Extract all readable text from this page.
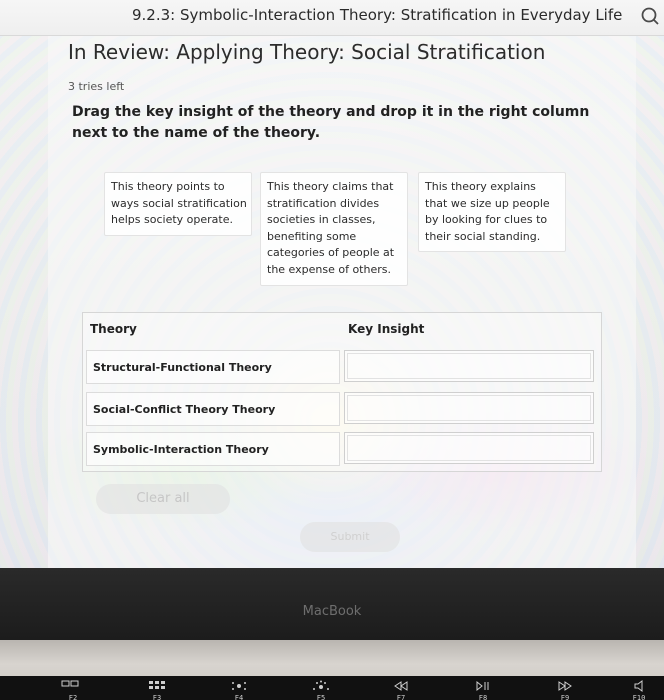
9.2.3: Symbolic-Interaction Theory: Stratification in Everyday Life
In Review: Applying Theory: Social Stratification
3 tries left
Drag the key insight of the theory and drop it in the right column next to the name of the theory.
This theory points to ways social stratification helps society operate.
This theory claims that stratification divides societies in classes, benefiting some categories of people at the expense of others.
This theory explains that we size up people by looking for clues to their social standing.
Theory	Key Insight
Structural-Functional Theory
Social-Conflict Theory Theory
Symbolic-Interaction Theory
Clear all
Submit
MacBook
F2	F3	F4	F5	F7	F8	F9	F10
